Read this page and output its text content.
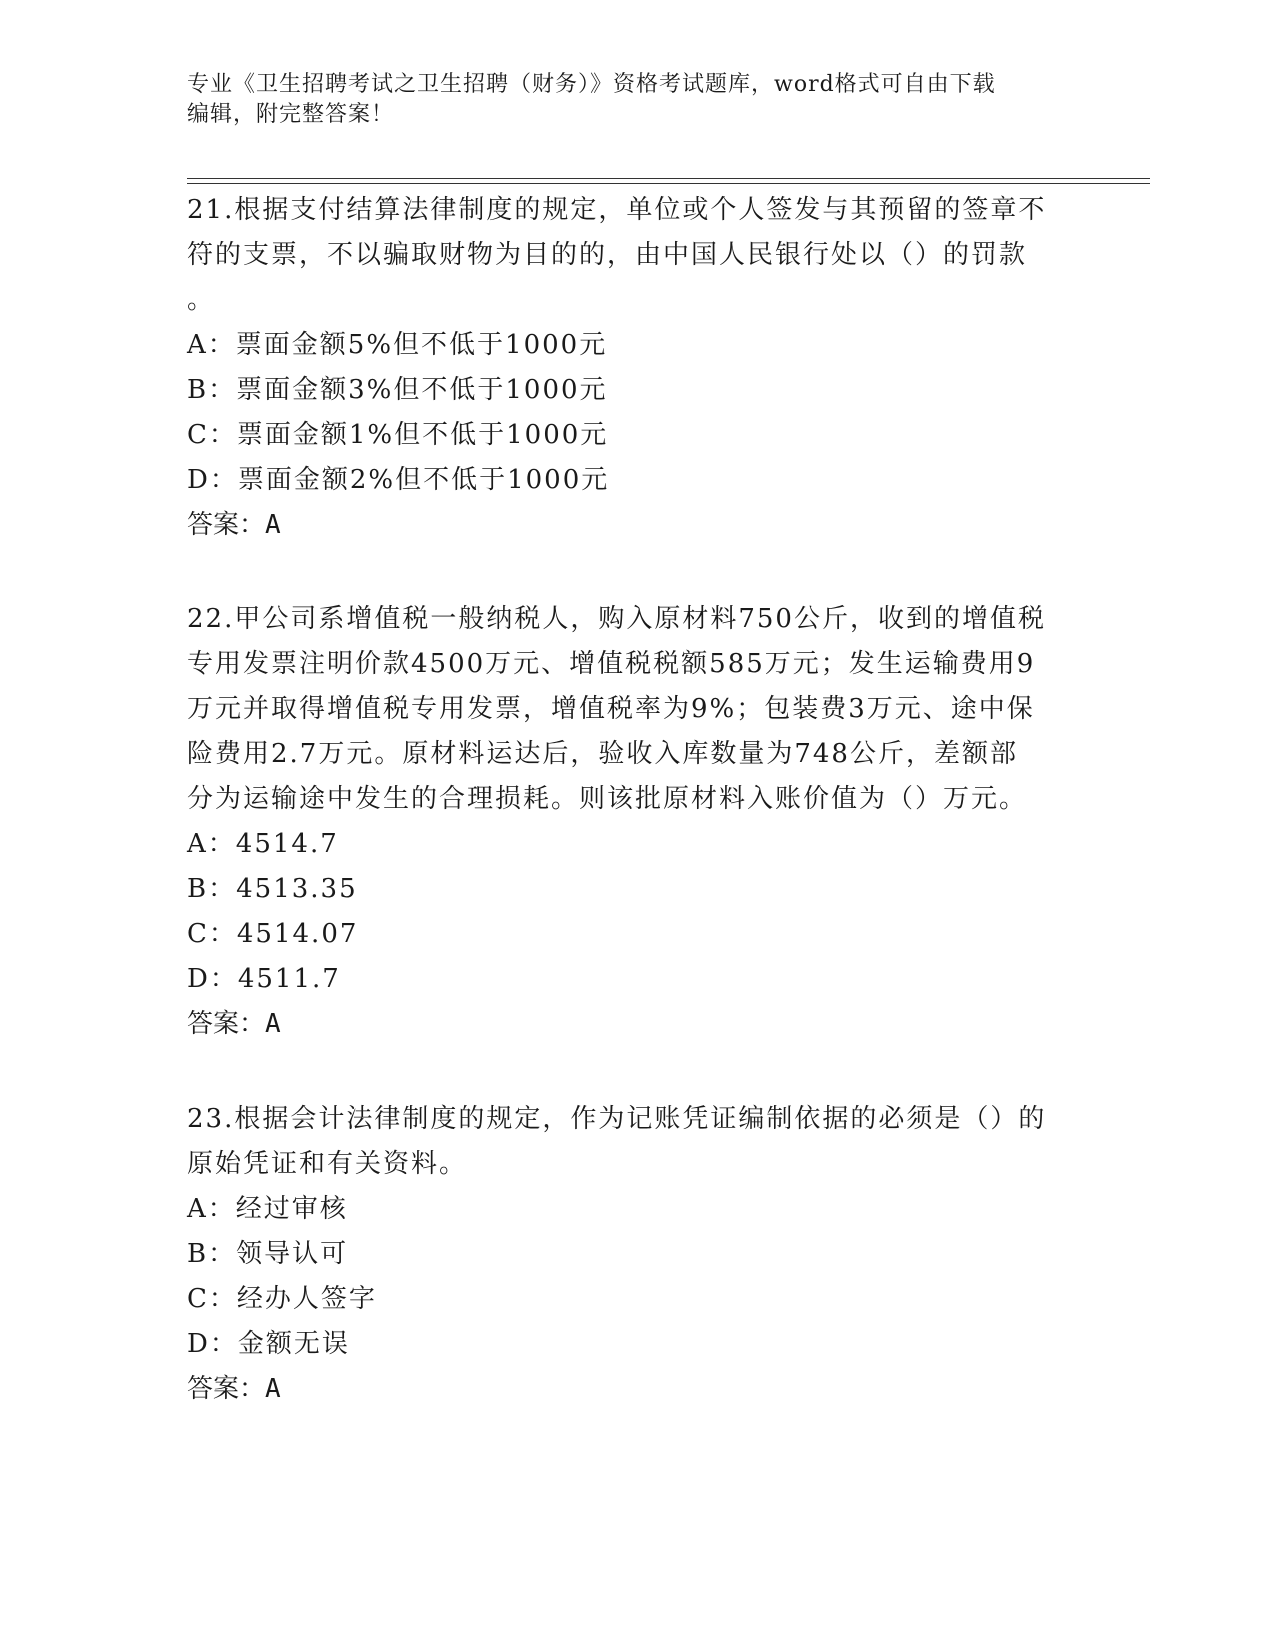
专业《卫生招聘考试之卫生招聘（财务）》资格考试题库，word格式可自由下载
编辑，附完整答案！

21.根据支付结算法律制度的规定，单位或个人签发与其预留的签章不
符的支票，不以骗取财物为目的的，由中国人民银行处以（）的罚款
。

A：票面金额5%但不低于1000元

B：票面金额3%但不低于1000元

C：票面金额1%但不低于1000元

D：票面金额2%但不低于1000元

答案：A

22.甲公司系增值税一般纳税人，购入原材料750公斤，收到的增值税
专用发票注明价款4500万元、增值税税额585万元；发生运输费用9
万元并取得增值税专用发票，增值税率为9%；包装费3万元、途中保
险费用2.7万元。原材料运达后，验收入库数量为748公斤，差额部
分为运输途中发生的合理损耗。则该批原材料入账价值为（）万元。

A：4514.7

B：4513.35

C：4514.07

D：4511.7

答案：A

23.根据会计法律制度的规定，作为记账凭证编制依据的必须是（）的
原始凭证和有关资料。

A：经过审核

B：领导认可

C：经办人签字

D：金额无误

答案：A
